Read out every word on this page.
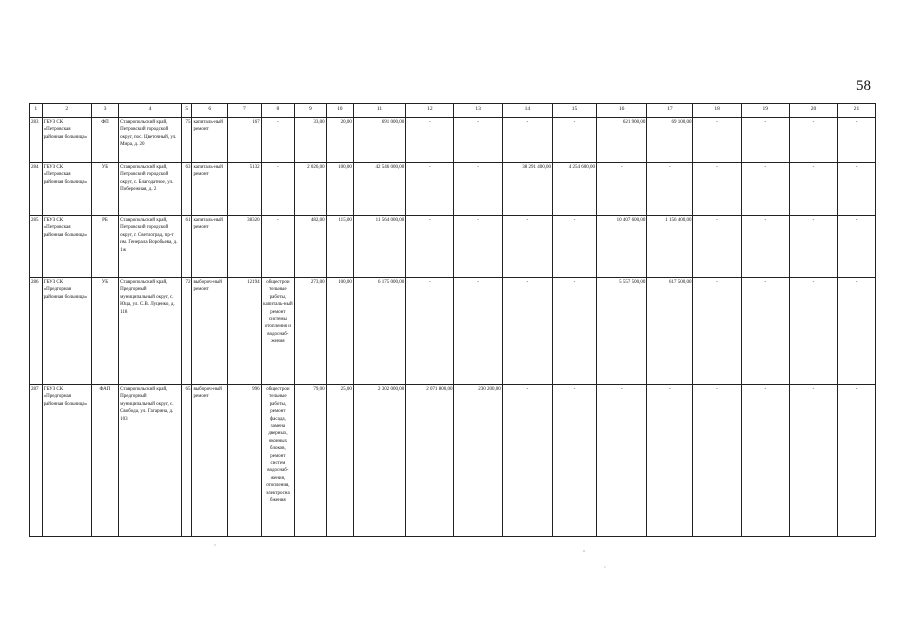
58
1	2	3	4	5	6	7	8	9	10	11	12	13	14	15	16	17	18	19	20	21
283	ГБУЗ СК «Петровская районная больница»	ФП	Ставропольский край, Петровский городской округ, пос. Цветочный, ул. Мира, д. 20	75	капиталь-ный ремонт	167	-	33,00	20,00	691 000,00	-	-	-	-	621 900,00	69 100,00	-	-	-	-
284	ГБУЗ СК «Петровская районная больница»	УБ	Ставропольский край, Петровский городской округ, с. Благодатное, ул. Побережная, д. 2	63	капиталь-ный ремонт	5132	-	2 026,00	100,00	42 546 000,00	-	-	38 291 400,00	4 254 600,00	-	-	-	-	-	-
285	ГБУЗ СК «Петровская районная больница»	РБ	Ставропольский край, Петровский городской округ, г. Светлоград, пр-т им. Генерала Воробьева, д. 1ж	61	капиталь-ный ремонт	38320	-	482,00	115,00	11 564 000,00	-	-	-	-	10 407 600,00	1 156 400,00	-	-	-	-
286	ГБУЗ СК «Предгорная районная больница»	УБ	Ставропольский край, Предгорный муниципальный округ, с. Юца, ул. С.В. Луценко, д. 118	72	выбороч-ный ремонт	12194	общестрои тельные работы, капиталь-ный ремонт системы отопления и водоснаб-жения	273,00	100,00	6 175 000,00	-	-	-	-	5 557 500,00	617 500,00	-	-	-	-
287	ГБУЗ СК «Предгорная районная больница»	ФАП	Ставропольский край, Предгорный муниципальный округ, с. Свобода, ул. Гагарина, д. 103	65	выбороч-ный ремонт	996	общестрои тельные работы, ремонт фасада, замена дверных, оконных блоков, ремонт систем водоснаб-жения, отопления, электросна бжения	79,00	25,00	2 302 000,00	2 071 800,00	230 200,00	-	-	-	-	-	-	-	-
